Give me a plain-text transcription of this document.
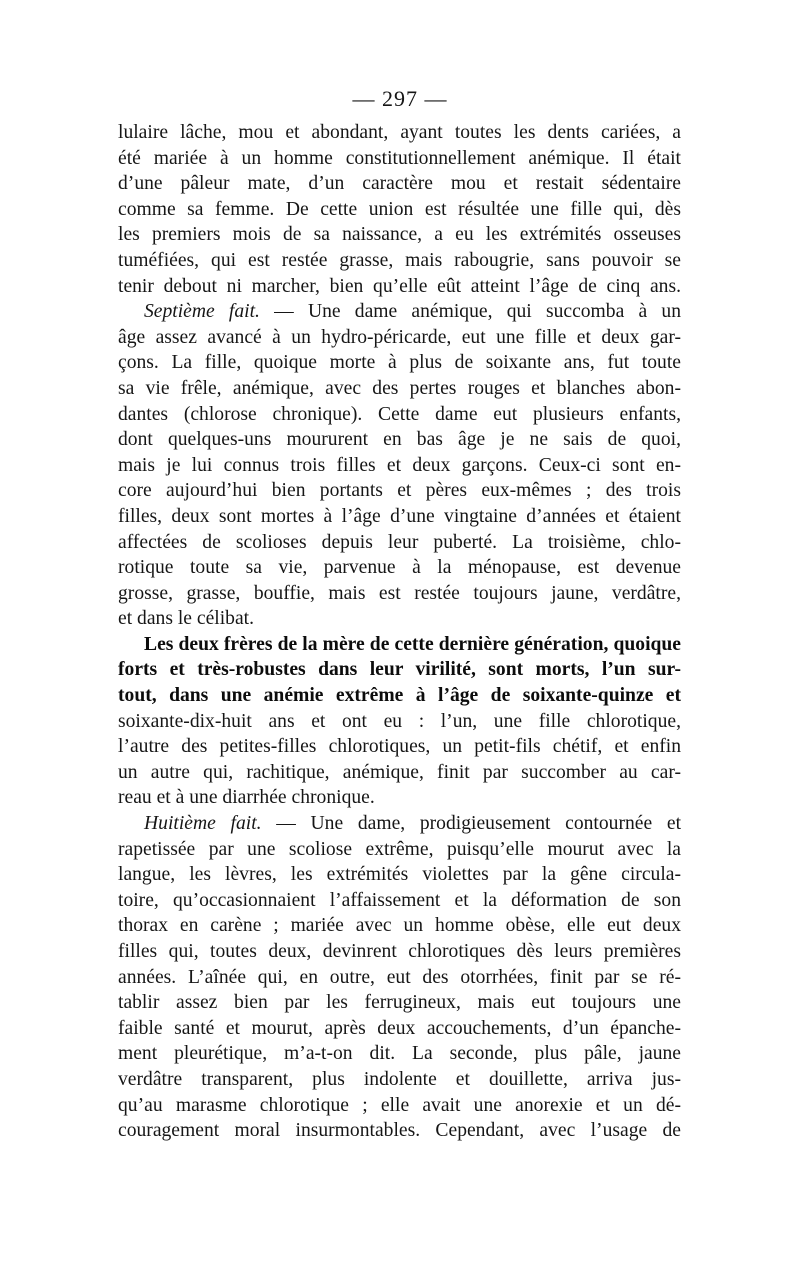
— 297 —
lulaire lâche, mou et abondant, ayant toutes les dents cariées, a
été mariée à un homme constitutionnellement anémique. Il était
d’une pâleur mate, d’un caractère mou et restait sédentaire
comme sa femme. De cette union est résultée une fille qui, dès
les premiers mois de sa naissance, a eu les extrémités osseuses
tuméfiées, qui est restée grasse, mais rabougrie, sans pouvoir se
tenir debout ni marcher, bien qu’elle eût atteint l’âge de cinq ans.
Septième fait. — Une dame anémique, qui succomba à un
âge assez avancé à un hydro-péricarde, eut une fille et deux gar-
çons. La fille, quoique morte à plus de soixante ans, fut toute
sa vie frêle, anémique, avec des pertes rouges et blanches abon-
dantes (chlorose chronique). Cette dame eut plusieurs enfants,
dont quelques-uns moururent en bas âge je ne sais de quoi,
mais je lui connus trois filles et deux garçons. Ceux-ci sont en-
core aujourd’hui bien portants et pères eux-mêmes ; des trois
filles, deux sont mortes à l’âge d’une vingtaine d’années et étaient
affectées de scolioses depuis leur puberté. La troisième, chlo-
rotique toute sa vie, parvenue à la ménopause, est devenue
grosse, grasse, bouffie, mais est restée toujours jaune, verdâtre,
et dans le célibat.
Les deux frères de la mère de cette dernière génération, quoique
forts et très-robustes dans leur virilité, sont morts, l’un sur-
tout, dans une anémie extrême à l’âge de soixante-quinze et
soixante-dix-huit ans et ont eu : l’un, une fille chlorotique,
l’autre des petites-filles chlorotiques, un petit-fils chétif, et enfin
un autre qui, rachitique, anémique, finit par succomber au car-
reau et à une diarrhée chronique.
Huitième fait. — Une dame, prodigieusement contournée et
rapetissée par une scoliose extrême, puisqu’elle mourut avec la
langue, les lèvres, les extrémités violettes par la gêne circula-
toire, qu’occasionnaient l’affaissement et la déformation de son
thorax en carène ; mariée avec un homme obèse, elle eut deux
filles qui, toutes deux, devinrent chlorotiques dès leurs premières
années. L’aînée qui, en outre, eut des otorrhées, finit par se ré-
tablir assez bien par les ferrugineux, mais eut toujours une
faible santé et mourut, après deux accouchements, d’un épanche-
ment pleurétique, m’a-t-on dit. La seconde, plus pâle, jaune
verdâtre transparent, plus indolente et douillette, arriva jus-
qu’au marasme chlorotique ; elle avait une anorexie et un dé-
couragement moral insurmontables. Cependant, avec l’usage de
